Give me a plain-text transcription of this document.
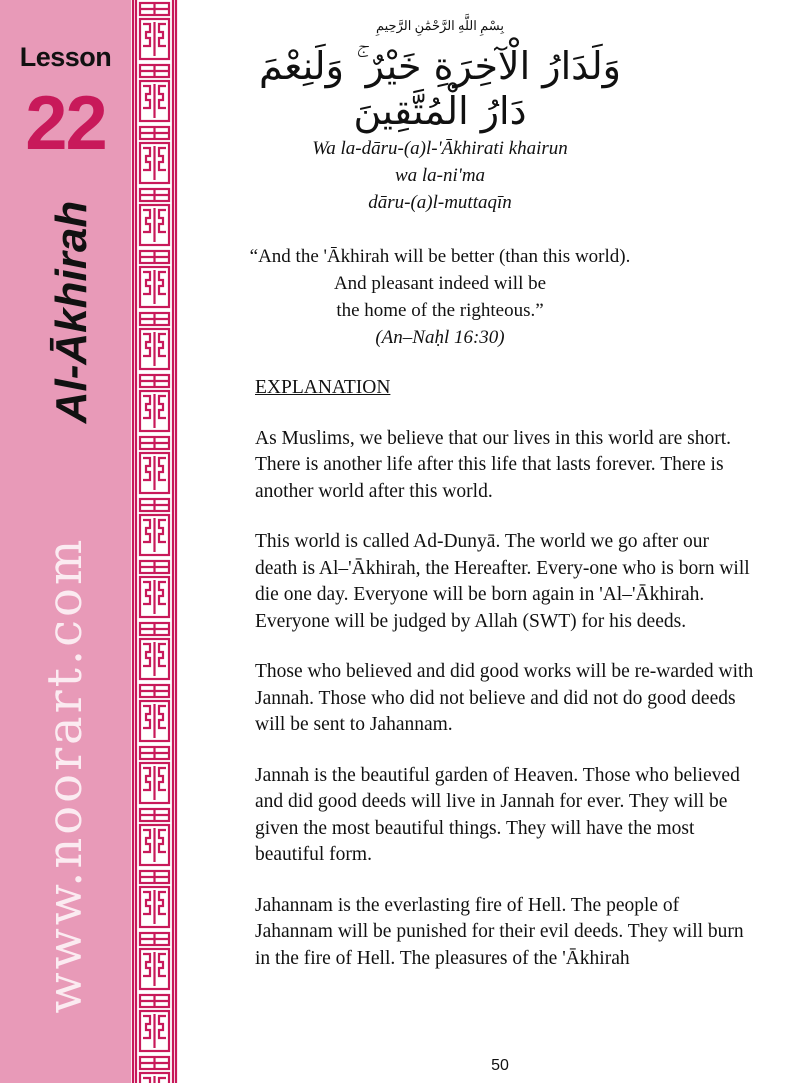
Lesson
22
Al-Ākhirah
www.noorart.com
بِسْمِ اللَّهِ الرَّحْمَٰنِ الرَّحِيمِ
وَلَدَارُ الْآخِرَةِ خَيْرٌ ۚ وَلَنِعْمَ دَارُ الْمُتَّقِينَ
Wa la-dāru-(a)l-'Ākhirati khairun
wa la-ni'ma
dāru-(a)l-muttaqīn
“And the 'Ākhirah will be better (than this world).
And pleasant indeed will be
the home of the righteous.”
(An–Naḥl 16:30)
EXPLANATION

As Muslims, we believe that our lives in this world are short. There is another life after this life that lasts forever. There is another world after this world.

This world is called Ad-Dunyā. The world we go after our death is Al–'Ākhirah, the Hereafter. Every-one who is born will die one day. Everyone will be born again in 'Al–'Ākhirah. Everyone will be judged by Allah (SWT) for his deeds.

Those who believed and did good works will be re-warded with Jannah. Those who did not believe and did not do good deeds will be sent to Jahannam.

Jannah is the beautiful garden of Heaven. Those who believed and did good deeds will live in Jannah for ever. They will be given the most beautiful things. They will have the most beautiful form.

Jahannam is the everlasting fire of Hell. The people of Jahannam will be punished for their evil deeds. They will burn in the fire of Hell. The pleasures of the 'Ākhirah

50
